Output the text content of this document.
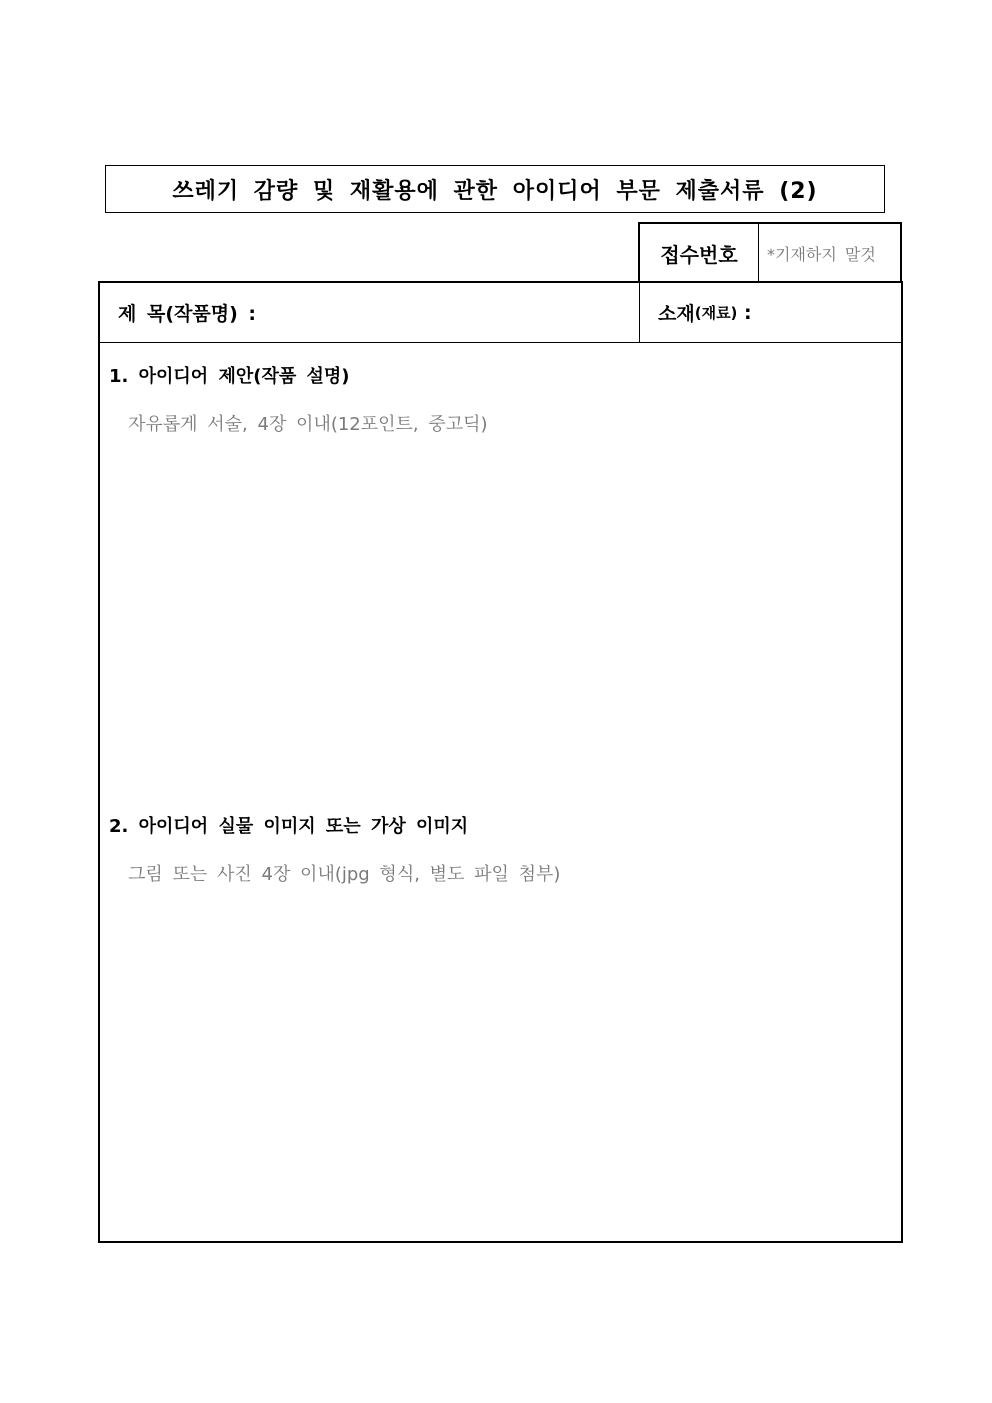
쓰레기 감량 및 재활용에 관한 아이디어 부문 제출서류 (2)
접수번호	*기재하지 말것
제 목(작품명) :	소재 (재료) :
1. 아이디어 제안(작품 설명)
자유롭게 서술, 4장 이내(12포인트, 중고딕)
2. 아이디어 실물 이미지 또는 가상 이미지
그림 또는 사진 4장 이내(jpg 형식, 별도 파일 첨부)
